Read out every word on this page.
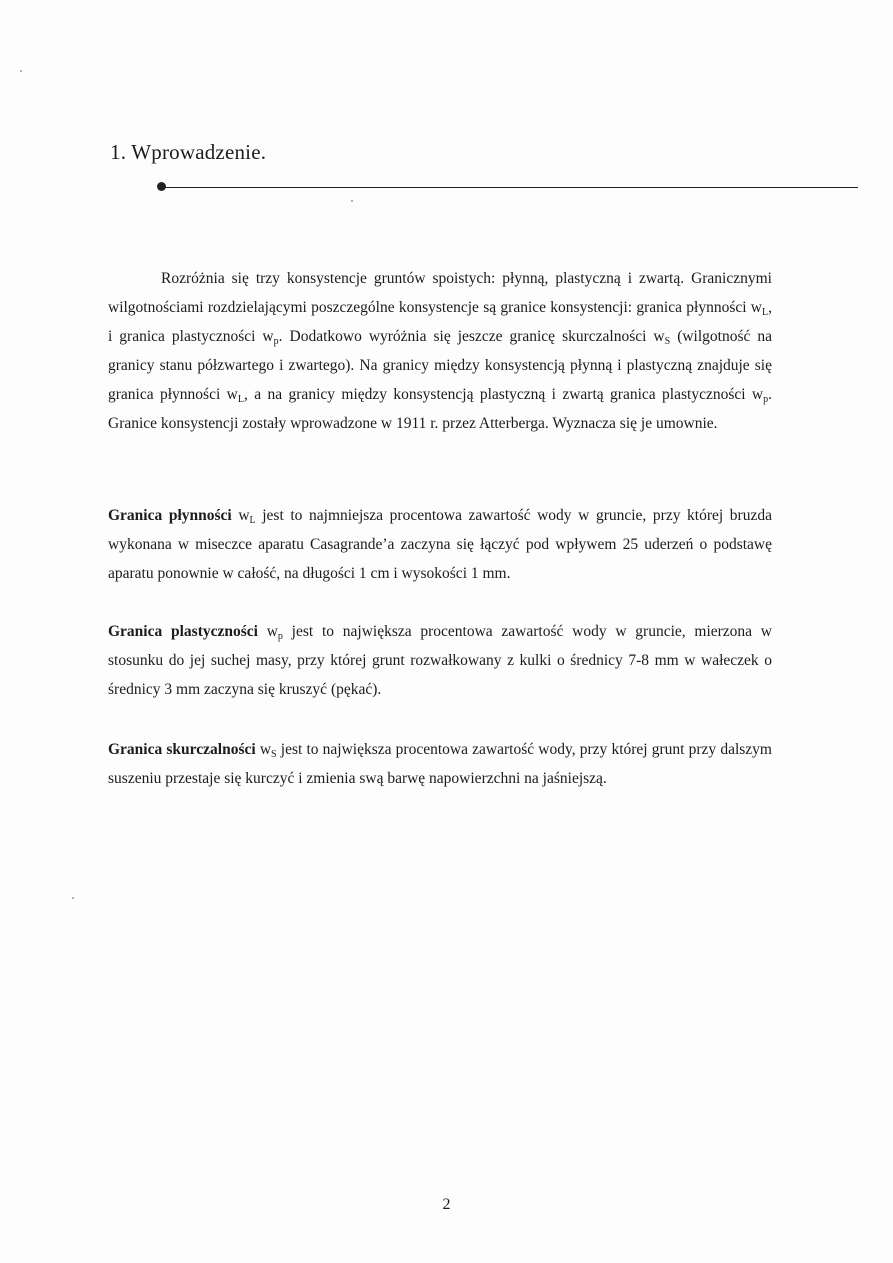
1. Wprowadzenie.

Rozróżnia się trzy konsystencje gruntów spoistych: płynną, plastyczną i zwartą. Granicznymi wilgotnościami rozdzielającymi poszczególne konsystencje są granice konsystencji: granica płynności $w_L$, i granica plastyczności $w_p$. Dodatkowo wyróżnia się jeszcze granicę skurczalności $w_S$ (wilgotność na granicy stanu półzwartego i zwartego). Na granicy między konsystencją płynną i plastyczną znajduje się granica płynności $w_L$, a na granicy między konsystencją plastyczną i zwartą granica plastyczności $w_p$. Granice konsystencji zostały wprowadzone w 1911 r. przez Atterberga. Wyznacza się je umownie.

Granica płynności $w_L$ jest to najmniejsza procentowa zawartość wody w gruncie, przy której bruzda wykonana w miseczce aparatu Casagrande’a zaczyna się łączyć pod wpływem 25 uderzeń o podstawę aparatu ponownie w całość, na długości 1 cm i wysokości 1 mm.

Granica plastyczności $w_p$ jest to największa procentowa zawartość wody w gruncie, mierzona w stosunku do jej suchej masy, przy której grunt rozwałkowany z kulki o średnicy 7-8 mm w wałeczek o średnicy 3 mm zaczyna się kruszyć (pękać).

Granica skurczalności $w_S$ jest to największa procentowa zawartość wody, przy której grunt przy dalszym suszeniu przestaje się kurczyć i zmienia swą barwę napowierzchni na jaśniejszą.

2
